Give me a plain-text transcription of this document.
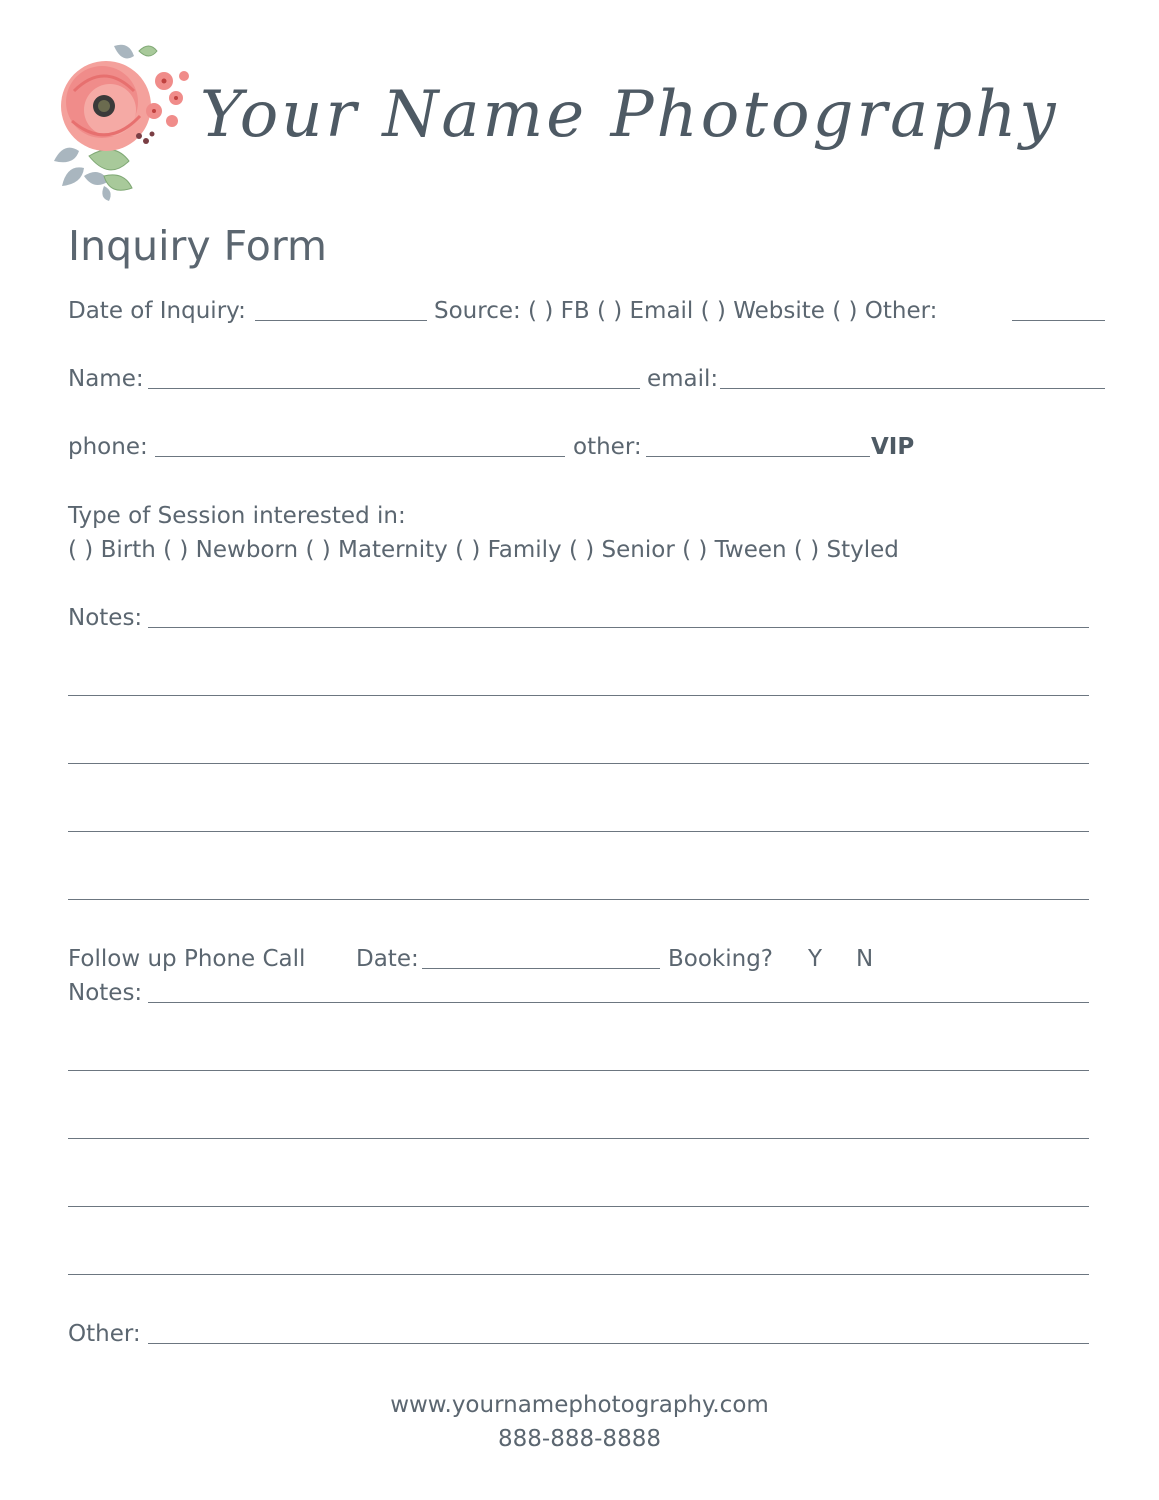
Your Name Photography
Inquiry Form
Date of Inquiry:	Source: ( ) FB ( ) Email ( ) Website ( ) Other:
Name:	email:
phone:	other:	VIP
Type of Session interested in:
( ) Birth ( ) Newborn ( ) Maternity ( ) Family ( ) Senior ( ) Tween ( ) Styled
Notes:
Follow up Phone Call Date:	Booking? Y N
Notes:
Other:
www.yournamephotography.com
888-888-8888
